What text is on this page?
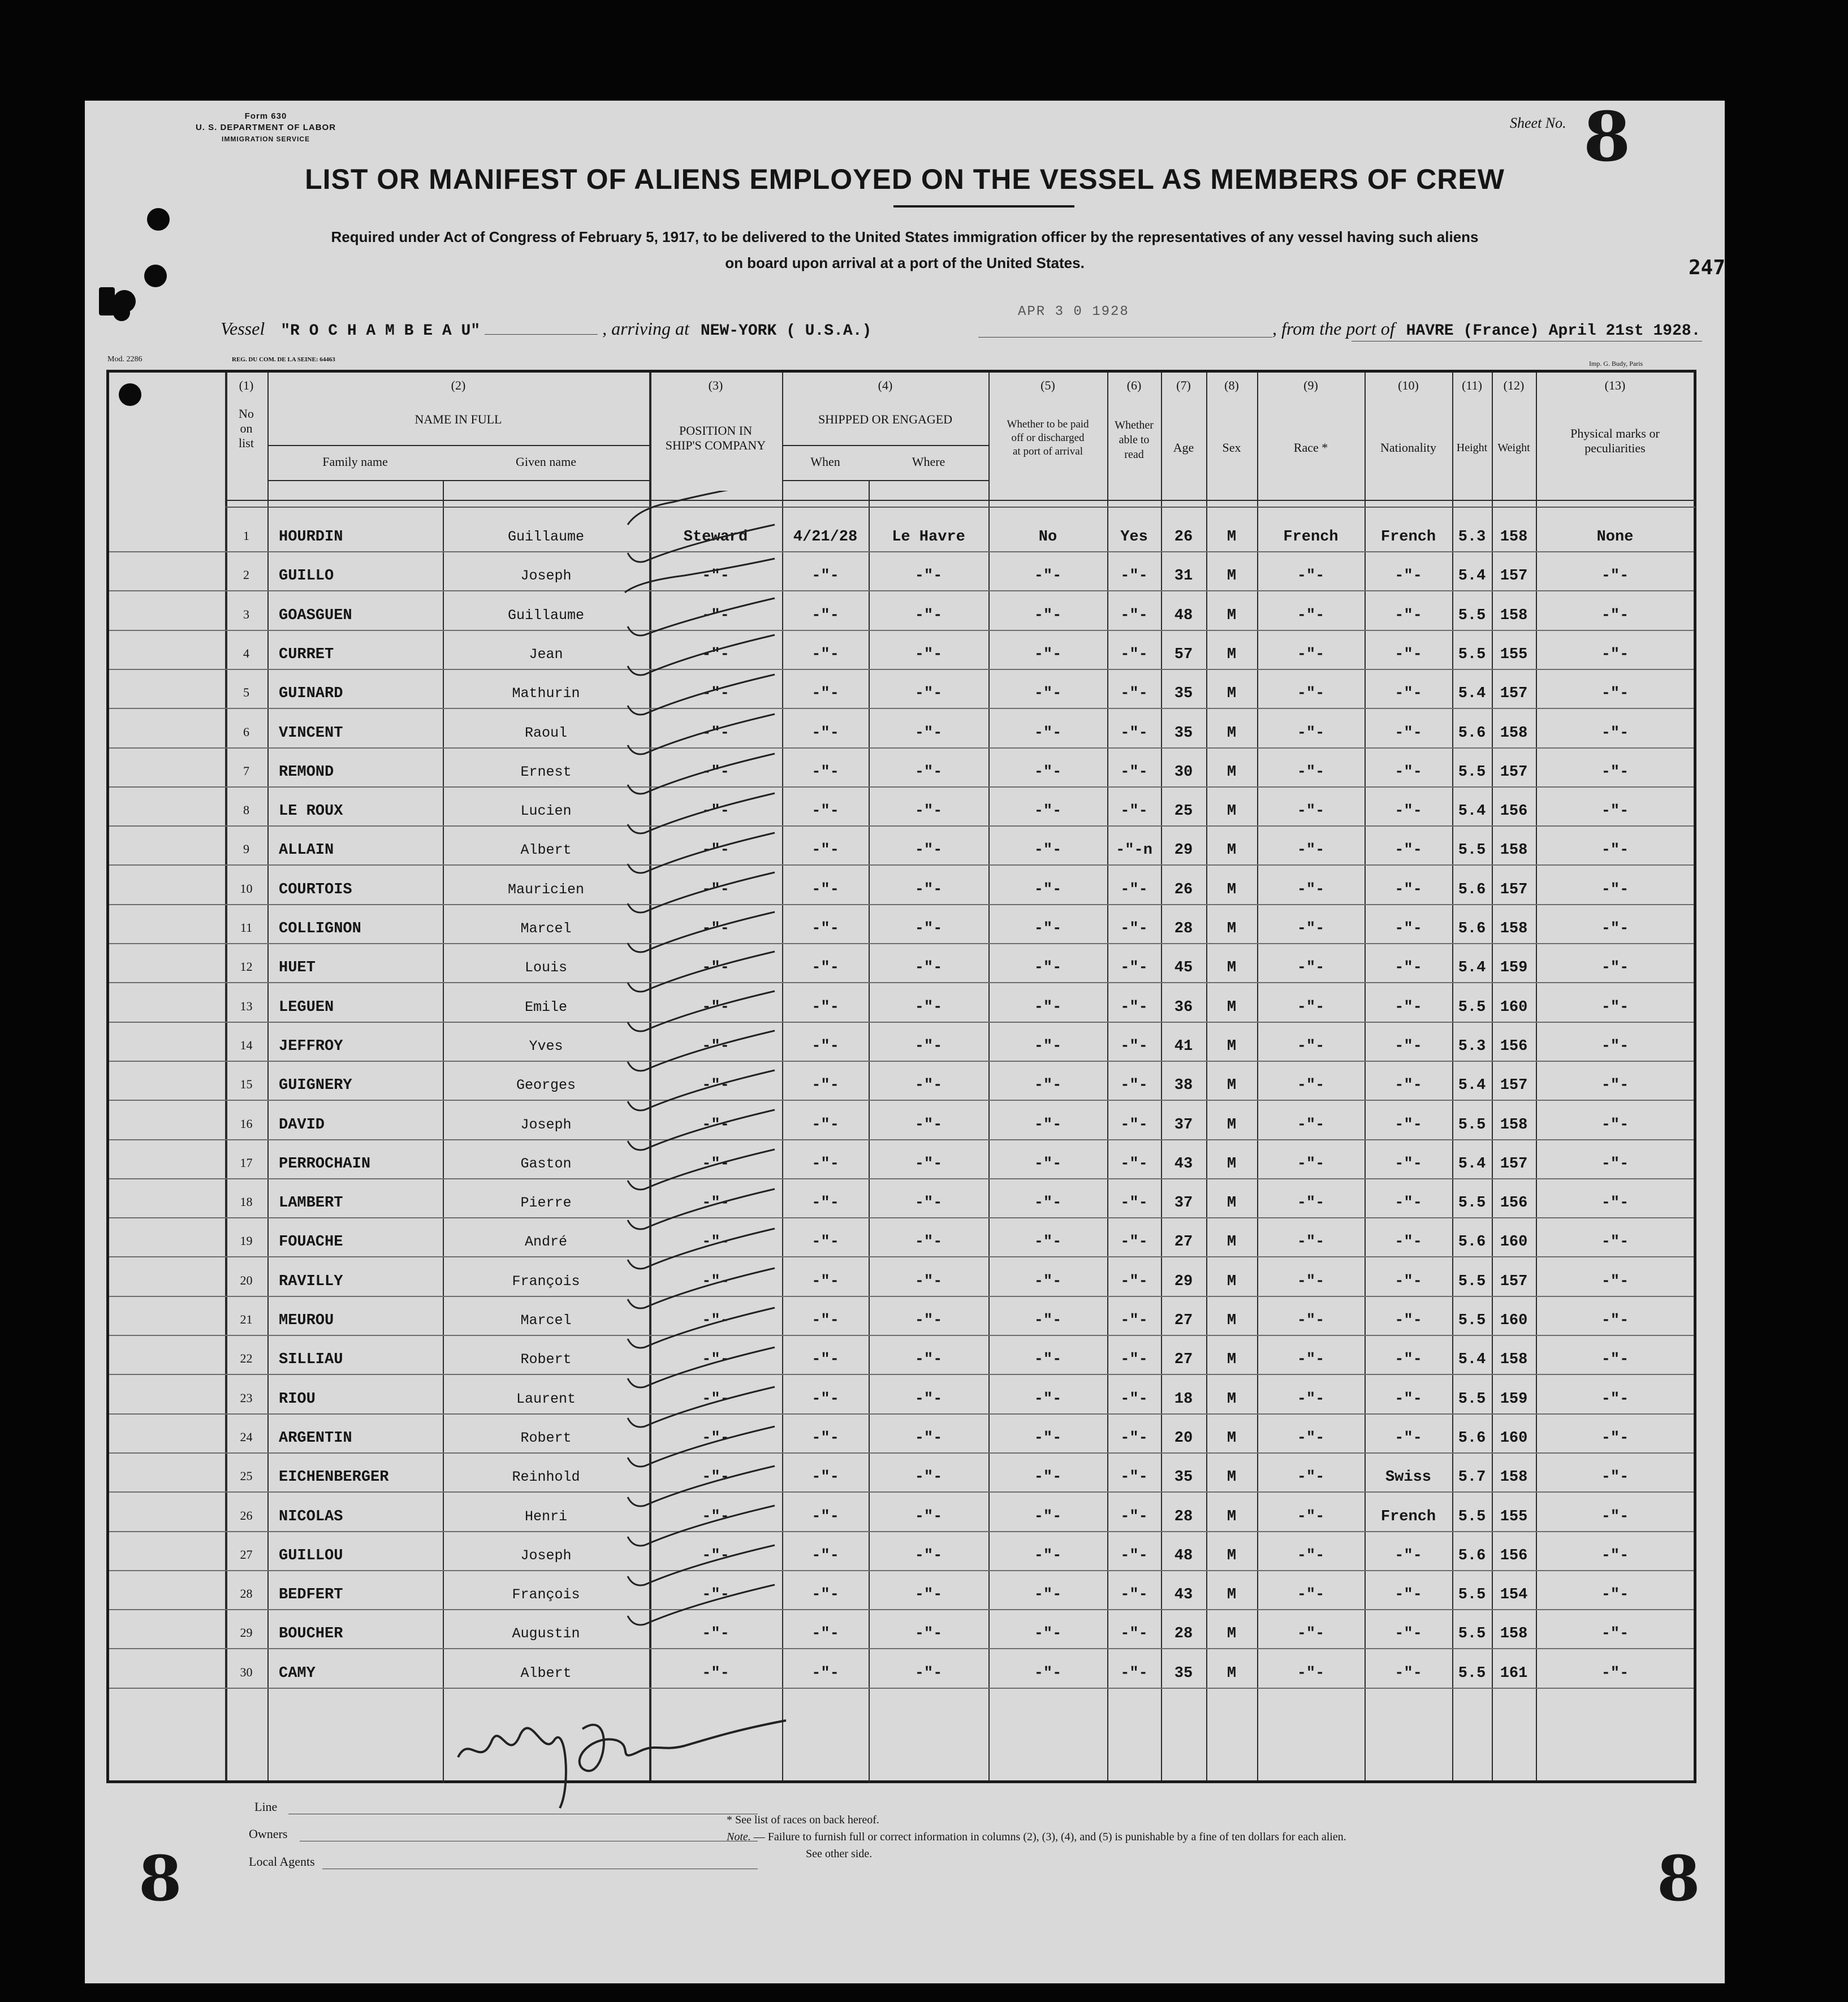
Form 630
U. S. DEPARTMENT OF LABOR
IMMIGRATION SERVICE
Sheet No. 8
247
LIST OR MANIFEST OF ALIENS EMPLOYED ON THE VESSEL AS MEMBERS OF CREW
Required under Act of Congress of February 5, 1917, to be delivered to the United States immigration officer by the representatives of any vessel having such aliens
on board upon arrival at a port of the United States.
Vessel "R O C H A M B E A U"	, arriving at NEW-YORK ( U.S.A.)
APR 3 0 1928
, from the port of HAVRE (France) April 21st 1928.
Mod. 2286	REG. DU COM. DE LA SEINE: 64463	Imp. G. Budy, Paris
(1)	(2)	(3)	(4)	(5)	(6)	(7)	(8)	(9)	(10)	(11)	(12)	(13)
No
on
list
NAME IN FULL
Family name	Given name
POSITION IN
SHIP'S COMPANY
SHIPPED OR ENGAGED
When	Where
Whether to be paid
off or discharged
at port of arrival
Whether
able to
read	Age	Sex	Race *	Nationality	Height Weight
Physical marks or
peculiarities
1	HOURDIN	Guillaume	Steward	4/21/28	Le Havre	No	Yes	26	M	French	French	5.3 158	None
2	GUILLO	Joseph	-"-	-"-	-"-	-"-	-"-	31	M	-"-	-"-	5.4 157	-"-
3	GOASGUEN	Guillaume	-"-	-"-	-"-	-"-	-"-	48	M	-"-	-"-	5.5 158	-"-
4	CURRET	Jean	-"-	-"-	-"-	-"-	-"-	57	M	-"-	-"-	5.5 155	-"-
5	GUINARD	Mathurin	-"-	-"-	-"-	-"-	-"-	35	M	-"-	-"-	5.4 157	-"-
6	VINCENT	Raoul	-"-	-"-	-"-	-"-	-"-	35	M	-"-	-"-	5.6 158	-"-
7	REMOND	Ernest	-"-	-"-	-"-	-"-	-"-	30	M	-"-	-"-	5.5 157	-"-
8	LE ROUX	Lucien	-"-	-"-	-"-	-"-	-"-	25	M	-"-	-"-	5.4 156	-"-
9	ALLAIN	Albert	-"-	-"-	-"-	-"-	-"-n	29	M	-"-	-"-	5.5 158	-"-
10	COURTOIS	Mauricien	-"-	-"-	-"-	-"-	-"-	26	M	-"-	-"-	5.6 157	-"-
11	COLLIGNON	Marcel	-"-	-"-	-"-	-"-	-"-	28	M	-"-	-"-	5.6 158	-"-
12	HUET	Louis	-"-	-"-	-"-	-"-	-"-	45	M	-"-	-"-	5.4 159	-"-
13	LEGUEN	Emile	-"-	-"-	-"-	-"-	-"-	36	M	-"-	-"-	5.5 160	-"-
14	JEFFROY	Yves	-"-	-"-	-"-	-"-	-"-	41	M	-"-	-"-	5.3 156	-"-
15	GUIGNERY	Georges	-"-	-"-	-"-	-"-	-"-	38	M	-"-	-"-	5.4 157	-"-
16	DAVID	Joseph	-"-	-"-	-"-	-"-	-"-	37	M	-"-	-"-	5.5 158	-"-
17	PERROCHAIN	Gaston	-"-	-"-	-"-	-"-	-"-	43	M	-"-	-"-	5.4 157	-"-
18	LAMBERT	Pierre	-"-	-"-	-"-	-"-	-"-	37	M	-"-	-"-	5.5 156	-"-
19	FOUACHE	André	-"-	-"-	-"-	-"-	-"-	27	M	-"-	-"-	5.6 160	-"-
20	RAVILLY	François	-"-	-"-	-"-	-"-	-"-	29	M	-"-	-"-	5.5 157	-"-
21	MEUROU	Marcel	-"-	-"-	-"-	-"-	-"-	27	M	-"-	-"-	5.5 160	-"-
22	SILLIAU	Robert	-"-	-"-	-"-	-"-	-"-	27	M	-"-	-"-	5.4 158	-"-
23	RIOU	Laurent	-"-	-"-	-"-	-"-	-"-	18	M	-"-	-"-	5.5 159	-"-
24	ARGENTIN	Robert	-"-	-"-	-"-	-"-	-"-	20	M	-"-	-"-	5.6 160	-"-
25	EICHENBERGER	Reinhold	-"-	-"-	-"-	-"-	-"-	35	M	-"-	Swiss	5.7 158	-"-
26	NICOLAS	Henri	-"-	-"-	-"-	-"-	-"-	28	M	-"-	French	5.5 155	-"-
27	GUILLOU	Joseph	-"-	-"-	-"-	-"-	-"-	48	M	-"-	-"-	5.6 156	-"-
28	BEDFERT	François	-"-	-"-	-"-	-"-	-"-	43	M	-"-	-"-	5.5 154	-"-
29	BOUCHER	Augustin	-"-	-"-	-"-	-"-	-"-	28	M	-"-	-"-	5.5 158	-"-
30	CAMY	Albert	-"-	-"-	-"-	-"-	-"-	35	M	-"-	-"-	5.5 161	-"-
Line
Owners
Local Agents
* See list of races on back hereof.
Note. — Failure to furnish full or correct information in columns (2), (3), (4), and (5) is punishable by a fine of ten dollars for each alien.
See other side.
8	8
